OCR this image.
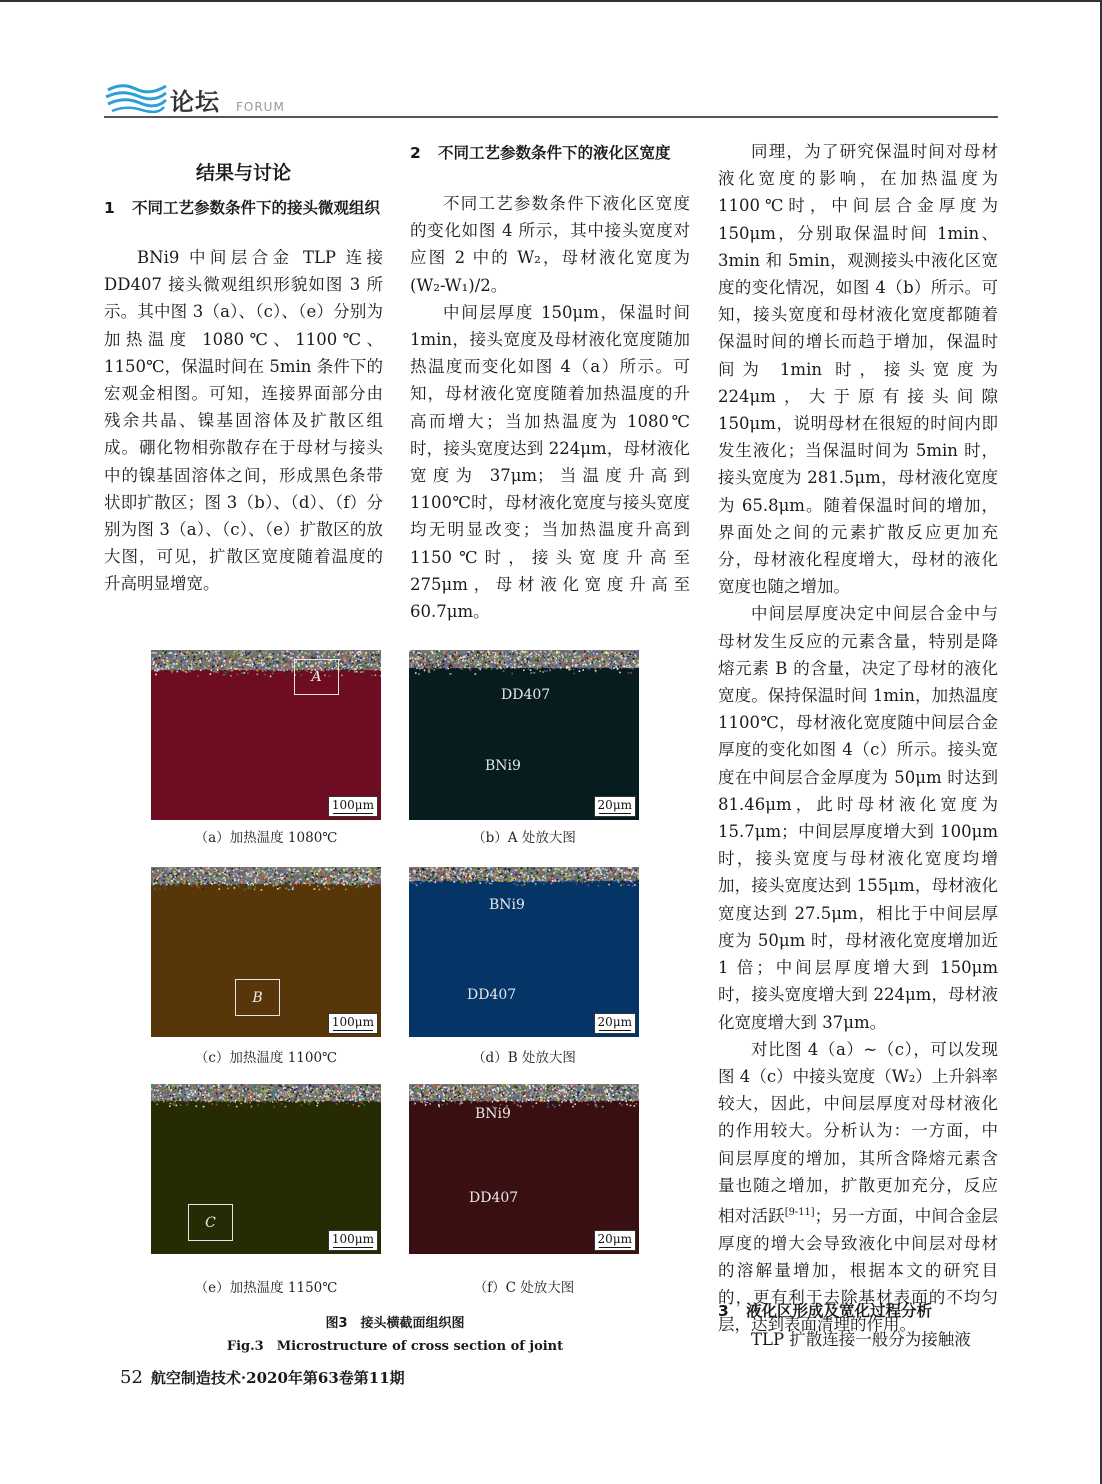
论坛 FORUM
结果与讨论
1 不同工艺参数条件下的接头微观组织

BNi9 中间层合金 TLP 连接 DD407 接头微观组织形貌如图 3 所示。其中图 3（a）、（c）、（e）分别为加热温度 1080℃、1100℃、1150℃，保温时间在 5min 条件下的宏观金相图。可知，连接界面部分由残余共晶、镍基固溶体及扩散区组成。硼化物相弥散存在于母材与接头中的镍基固溶体之间，形成黑色条带状即扩散区；图 3（b）、（d）、（f）分别为图 3（a）、（c）、（e）扩散区的放大图，可见，扩散区宽度随着温度的升高明显增宽。

2 不同工艺参数条件下的液化区宽度

不同工艺参数条件下液化区宽度的变化如图 4 所示，其中接头宽度对应图 2 中的 W₂，母材液化宽度为 (W₂-W₁)/2。

中间层厚度 150μm，保温时间 1min，接头宽度及母材液化宽度随加热温度而变化如图 4（a）所示。可知，母材液化宽度随着加热温度的升高而增大；当加热温度为 1080℃时，接头宽度达到 224μm，母材液化宽度为 37μm；当温度升高到 1100℃时，母材液化宽度与接头宽度均无明显改变；当加热温度升高到 1150℃时，接头宽度升高至 275μm，母材液化宽度升高至 60.7μm。

同理，为了研究保温时间对母材液化宽度的影响，在加热温度为 1100℃时，中间层合金厚度为 150μm，分别取保温时间 1min、3min 和 5min，观测接头中液化区宽度的变化情况，如图 4（b）所示。可知，接头宽度和母材液化宽度都随着保温时间的增长而趋于增加，保温时间为 1min 时，接头宽度为 224μm，大于原有接头间隙 150μm，说明母材在很短的时间内即发生液化；当保温时间为 5min 时，接头宽度为 281.5μm，母材液化宽度为 65.8μm。随着保温时间的增加，界面处之间的元素扩散反应更加充分，母材液化程度增大，母材的液化宽度也随之增加。

中间层厚度决定中间层合金中与母材发生反应的元素含量，特别是降熔元素 B 的含量，决定了母材的液化宽度。保持保温时间 1min，加热温度 1100℃，母材液化宽度随中间层合金厚度的变化如图 4（c）所示。接头宽度在中间层合金厚度为 50μm 时达到 81.46μm，此时母材液化宽度为 15.7μm；中间层厚度增大到 100μm 时，接头宽度与母材液化宽度均增加，接头宽度达到 155μm，母材液化宽度达到 27.5μm，相比于中间层厚度为 50μm 时，母材液化宽度增加近 1 倍；中间层厚度增大到 150μm 时，接头宽度增大到 224μm，母材液化宽度增大到 37μm。

对比图 4（a）~（c），可以发现图 4（c）中接头宽度（W₂）上升斜率较大，因此，中间层厚度对母材液化的作用较大。分析认为：一方面，中间层厚度的增加，其所含降熔元素含量也随之增加，扩散更加充分，反应相对活跃[9-11]；另一方面，中间合金层厚度的增大会导致液化中间层对母材的溶解量增加，根据本文的研究目的，更有利于去除基材表面的不均匀层，达到表面清理的作用。

3 液化区形成及宽化过程分析

TLP 扩散连接一般分为接触液

A
100μm
DD407
BNi9
20μm
（a）加热温度 1080℃	（b）A 处放大图
B
100μm
BNi9
DD407
20μm
（c）加热温度 1100℃	（d）B 处放大图
C
100μm
BNi9
DD407
20μm
（e）加热温度 1150℃	（f）C 处放大图
图3　接头横截面组织图
Fig.3　Microstructure of cross section of joint
52 航空制造技术·2020年第63卷第11期
